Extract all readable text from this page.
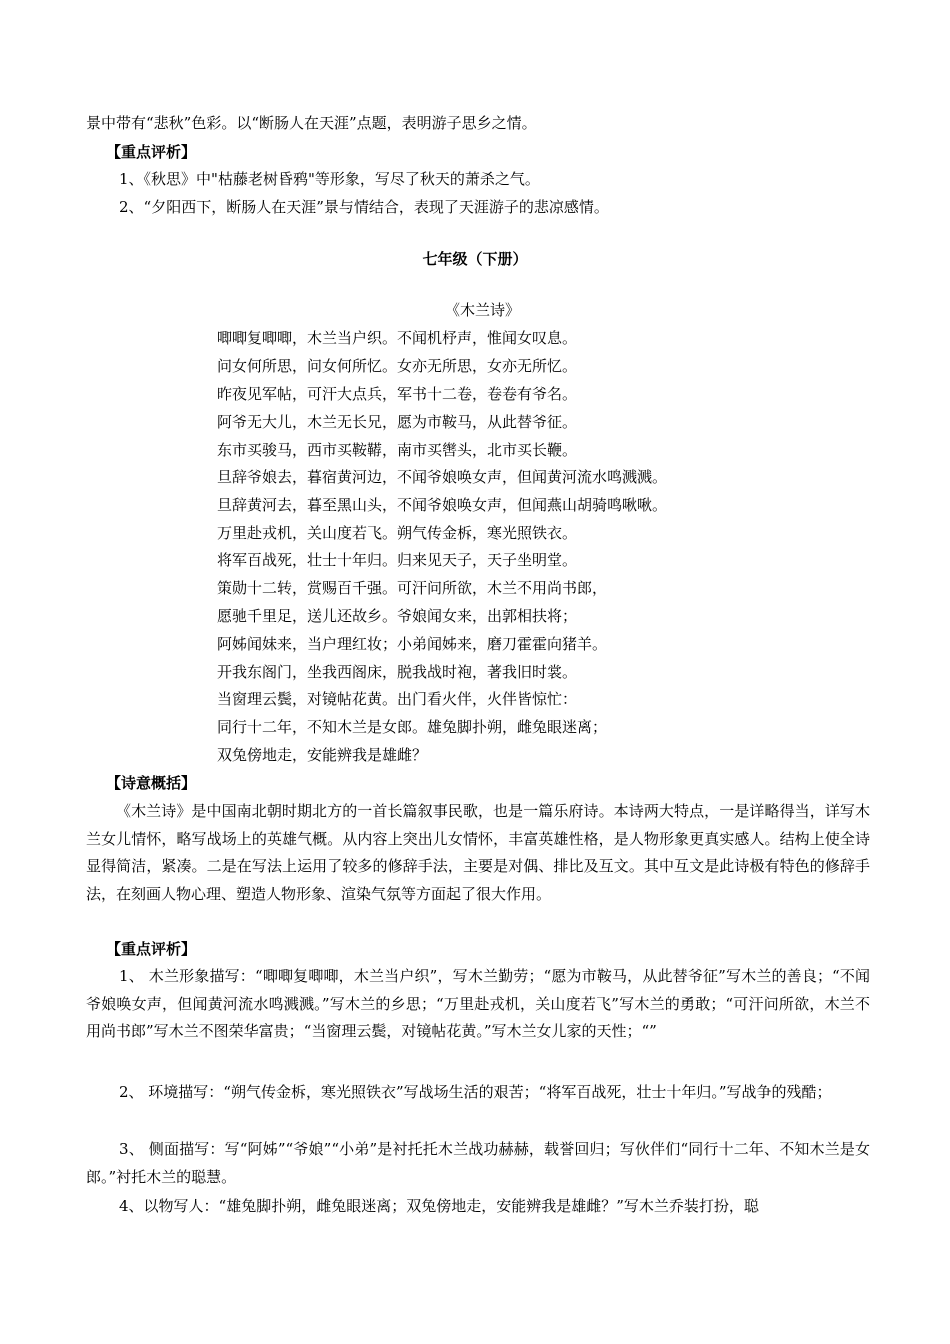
景中带有“悲秋”色彩。以“断肠人在天涯”点题，表明游子思乡之情。
【重点评析】
1、《秋思》中"枯藤老树昏鸦"等形象，写尽了秋天的萧杀之气。
2、“夕阳西下，断肠人在天涯”景与情结合，表现了天涯游子的悲凉感情。
七年级（下册）
《木兰诗》
唧唧复唧唧，木兰当户织。不闻机杼声，惟闻女叹息。
问女何所思，问女何所忆。女亦无所思，女亦无所忆。
昨夜见军帖，可汗大点兵，军书十二卷，卷卷有爷名。
阿爷无大儿，木兰无长兄，愿为市鞍马，从此替爷征。
东市买骏马，西市买鞍鞯，南市买辔头，北市买长鞭。
旦辞爷娘去，暮宿黄河边，不闻爷娘唤女声，但闻黄河流水鸣溅溅。
旦辞黄河去，暮至黑山头，不闻爷娘唤女声，但闻燕山胡骑鸣啾啾。
万里赴戎机，关山度若飞。朔气传金柝，寒光照铁衣。
将军百战死，壮士十年归。归来见天子，天子坐明堂。
策勋十二转，赏赐百千强。可汗问所欲，木兰不用尚书郎，
愿驰千里足，送儿还故乡。爷娘闻女来，出郭相扶将；
阿姊闻妹来，当户理红妆；小弟闻姊来，磨刀霍霍向猪羊。
开我东阁门，坐我西阁床，脱我战时袍，著我旧时裳。
当窗理云鬓，对镜帖花黄。出门看火伴，火伴皆惊忙：
同行十二年，不知木兰是女郎。雄兔脚扑朔，雌兔眼迷离；
双兔傍地走，安能辨我是雄雌？
【诗意概括】
《木兰诗》是中国南北朝时期北方的一首长篇叙事民歌，也是一篇乐府诗。本诗两大特点，一是详略得当，详写木兰女儿情怀，略写战场上的英雄气概。从内容上突出儿女情怀，丰富英雄性格，是人物形象更真实感人。结构上使全诗显得简洁，紧凑。二是在写法上运用了较多的修辞手法，主要是对偶、排比及互文。其中互文是此诗极有特色的修辞手法，在刻画人物心理、塑造人物形象、渲染气氛等方面起了很大作用。
【重点评析】
1、 木兰形象描写：“唧唧复唧唧，木兰当户织”，写木兰勤劳；“愿为市鞍马，从此替爷征”写木兰的善良；“不闻爷娘唤女声，但闻黄河流水鸣溅溅。”写木兰的乡思；“万里赴戎机，关山度若飞”写木兰的勇敢；“可汗问所欲，木兰不用尚书郎”写木兰不图荣华富贵；“当窗理云鬓，对镜帖花黄。”写木兰女儿家的天性；“”
2、 环境描写：“朔气传金柝，寒光照铁衣”写战场生活的艰苦；“将军百战死，壮士十年归。”写战争的残酷；
3、 侧面描写：写“阿姊”“爷娘”“小弟”是衬托托木兰战功赫赫，载誉回归；写伙伴们“同行十二年、不知木兰是女郎。”衬托木兰的聪慧。
4、以物写人：“雄兔脚扑朔，雌兔眼迷离；双兔傍地走，安能辨我是雄雌？”写木兰乔装打扮，聪
